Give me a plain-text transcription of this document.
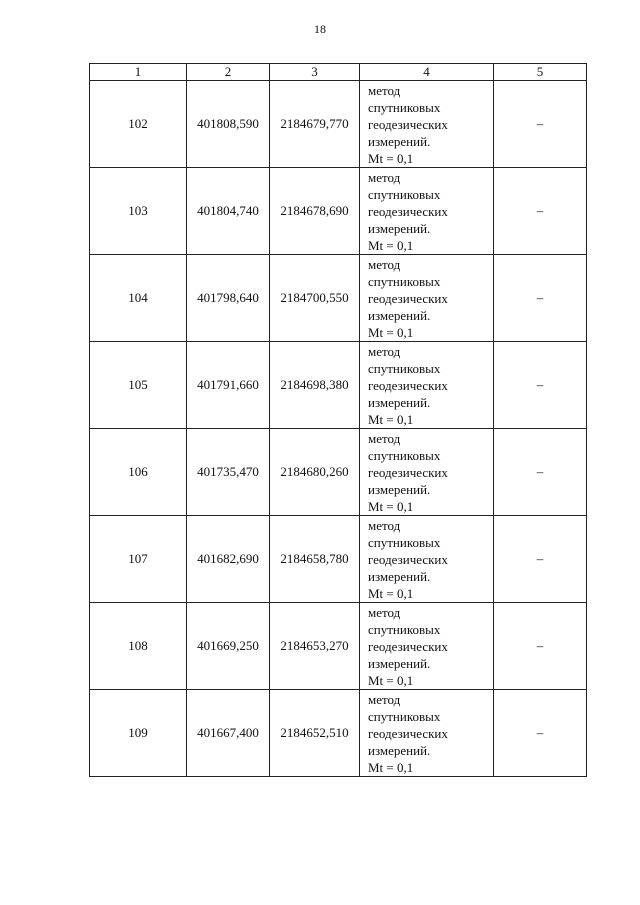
18
1	2	3	4	5
102	401808,590	2184679,770	метод
спутниковых
геодезических
измерений.
Mt = 0,1	–
103	401804,740	2184678,690	метод
спутниковых
геодезических
измерений.
Mt = 0,1	–
104	401798,640	2184700,550	метод
спутниковых
геодезических
измерений.
Mt = 0,1	–
105	401791,660	2184698,380	метод
спутниковых
геодезических
измерений.
Mt = 0,1	–
106	401735,470	2184680,260	метод
спутниковых
геодезических
измерений.
Mt = 0,1	–
107	401682,690	2184658,780	метод
спутниковых
геодезических
измерений.
Mt = 0,1	–
108	401669,250	2184653,270	метод
спутниковых
геодезических
измерений.
Mt = 0,1	–
109	401667,400	2184652,510	метод
спутниковых
геодезических
измерений.
Mt = 0,1	–
